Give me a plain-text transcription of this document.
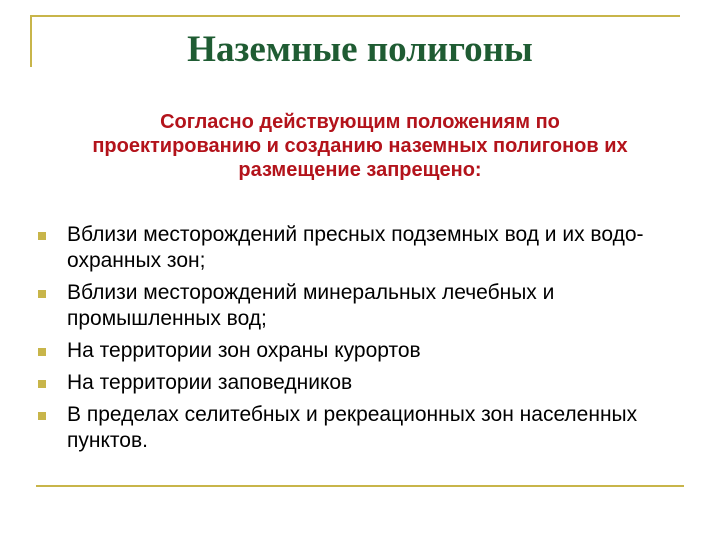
Наземные полигоны
Согласно действующим положениям по проектированию и созданию наземных полигонов их размещение запрещено:
Вблизи месторождений пресных подземных вод и их водо-охранных зон;
Вблизи месторождений минеральных лечебных и промышленных вод;
На территории зон охраны курортов
На территории заповедников
В пределах селитебных и рекреационных зон населенных пунктов.
